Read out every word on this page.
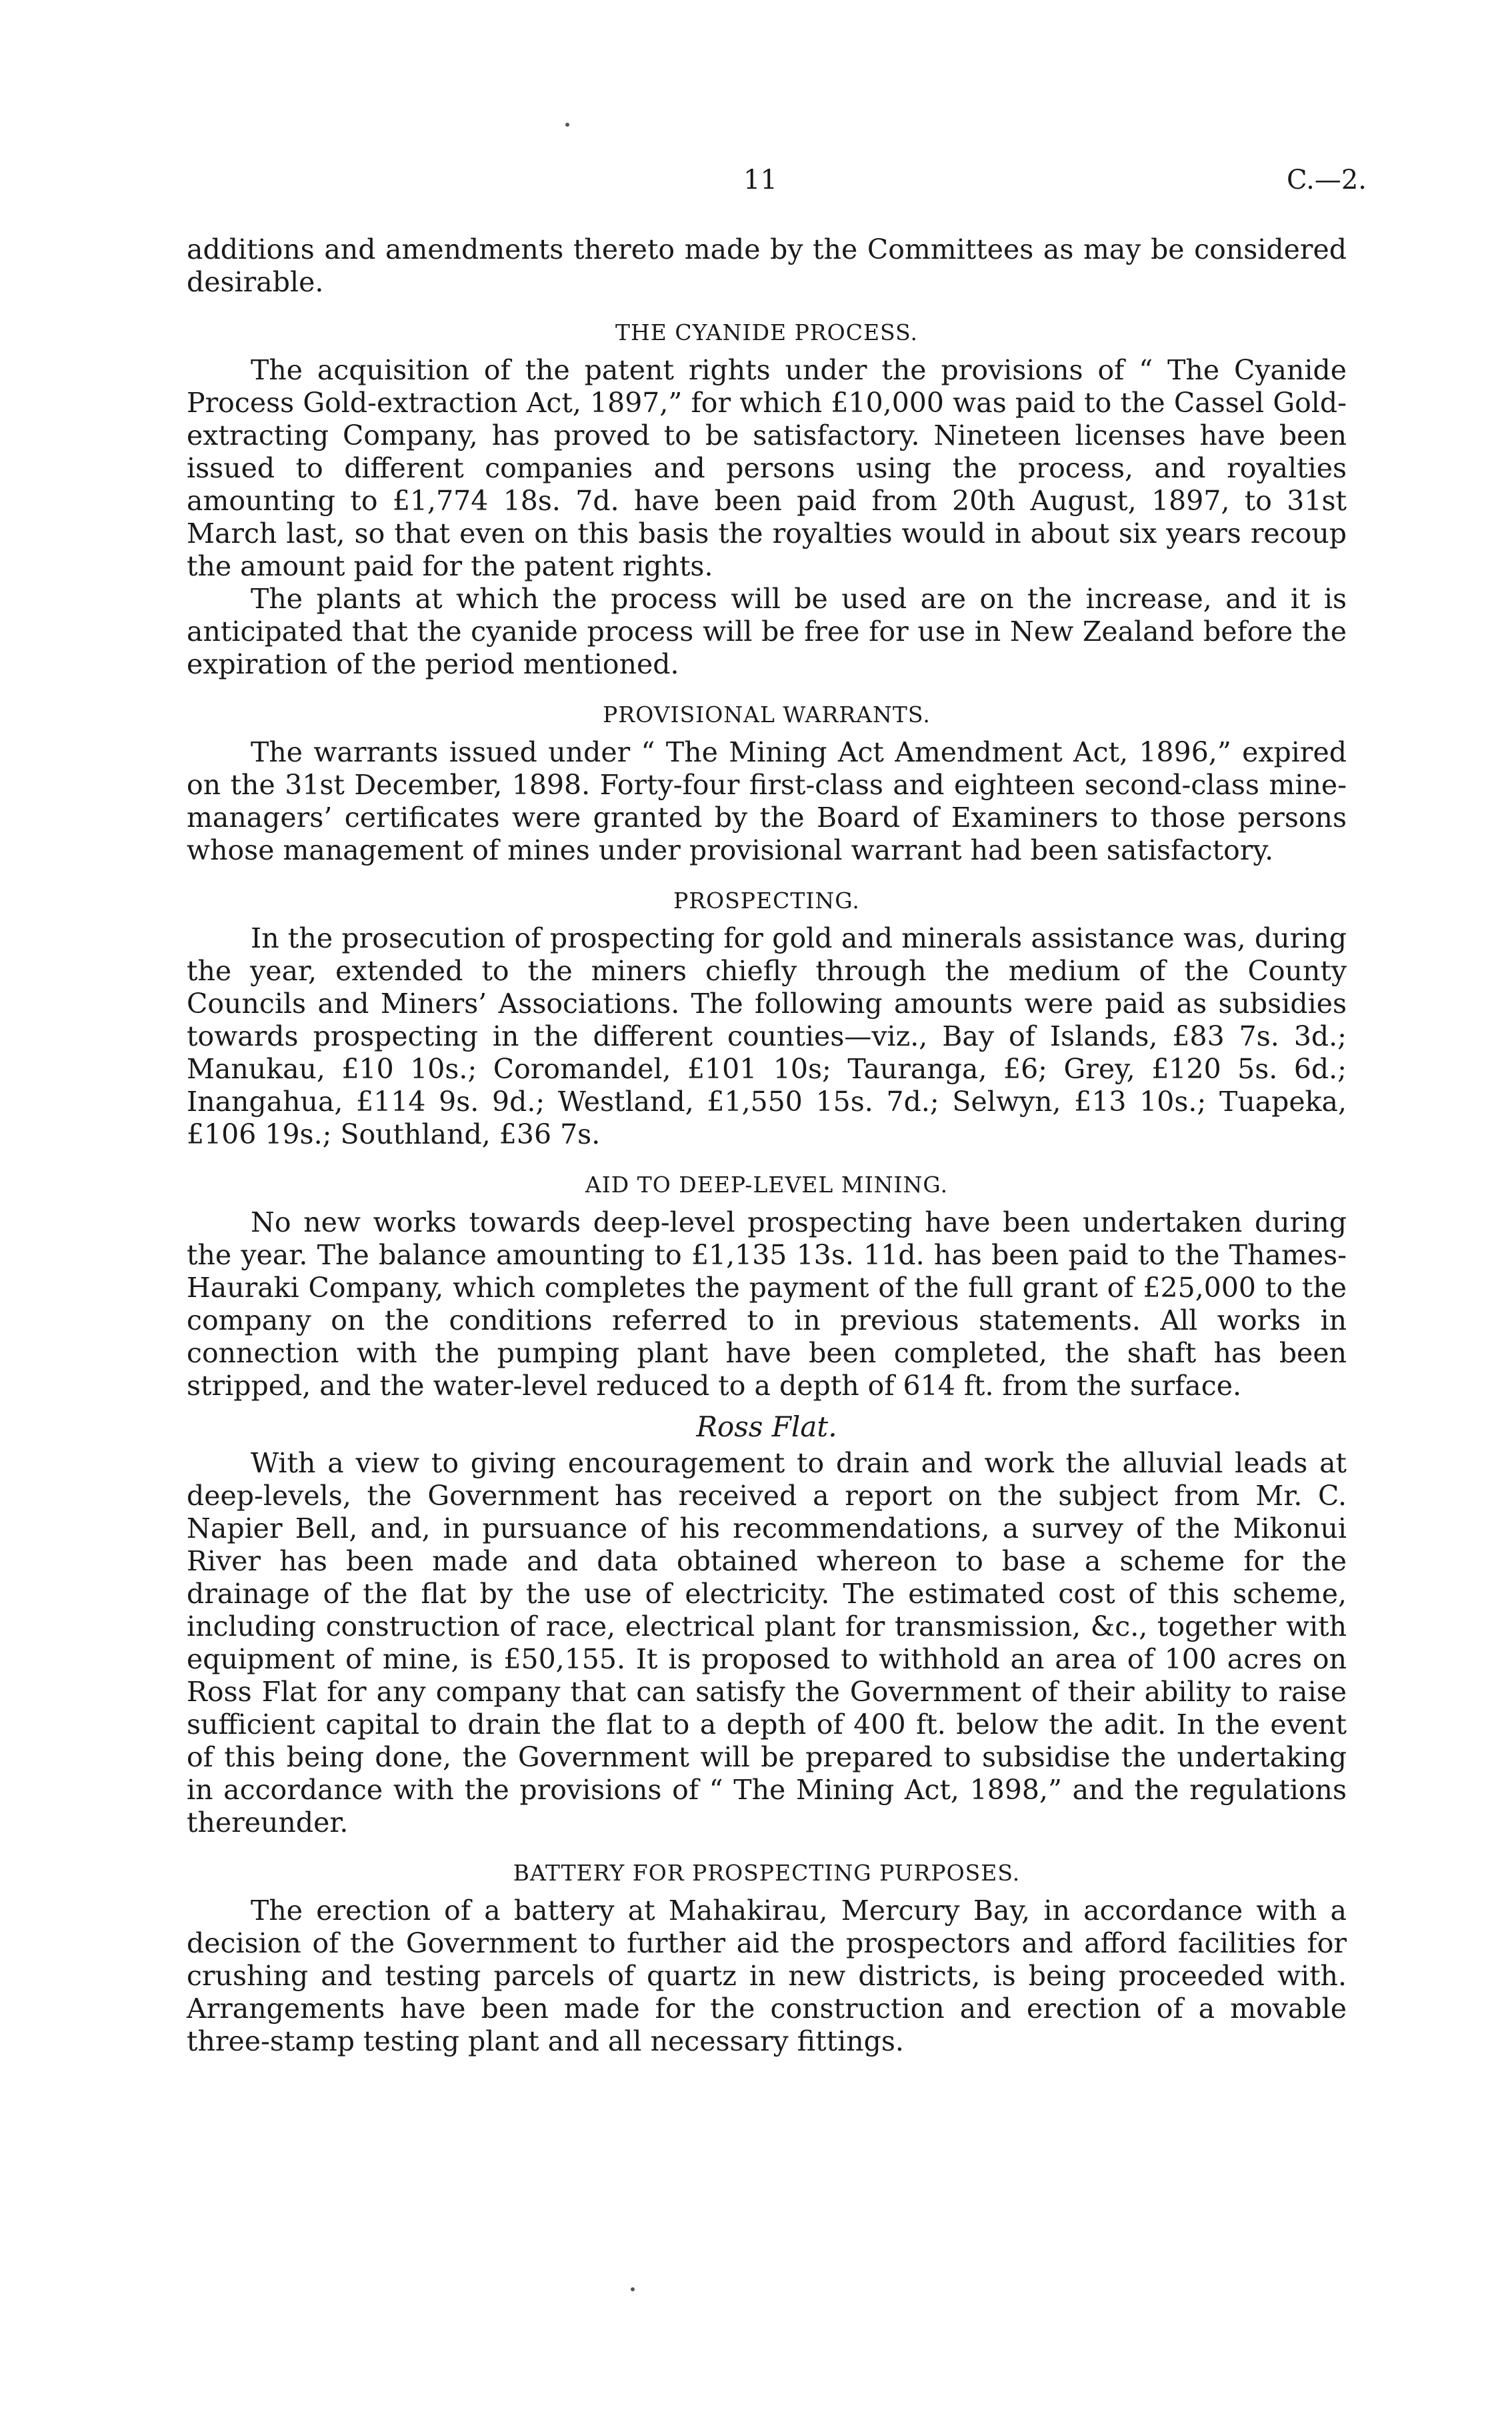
11	C.—2.

additions and amendments thereto made by the Committees as may be considered desirable.

THE CYANIDE PROCESS.

The acquisition of the patent rights under the provisions of “ The Cyanide Process Gold-extraction Act, 1897,” for which £10,000 was paid to the Cassel Gold-extracting Company, has proved to be satisfactory. Nineteen licenses have been issued to different companies and persons using the process, and royalties amounting to £1,774 18s. 7d. have been paid from 20th August, 1897, to 31st March last, so that even on this basis the royalties would in about six years recoup the amount paid for the patent rights.

The plants at which the process will be used are on the increase, and it is anticipated that the cyanide process will be free for use in New Zealand before the expiration of the period mentioned.

PROVISIONAL WARRANTS.

The warrants issued under “ The Mining Act Amendment Act, 1896,” expired on the 31st December, 1898. Forty-four first-class and eighteen second-class mine-managers’ certificates were granted by the Board of Examiners to those persons whose management of mines under provisional warrant had been satisfactory.

PROSPECTING.

In the prosecution of prospecting for gold and minerals assistance was, during the year, extended to the miners chiefly through the medium of the County Councils and Miners’ Associations. The following amounts were paid as subsidies towards prospecting in the different counties—viz., Bay of Islands, £83 7s. 3d.; Manukau, £10 10s.; Coromandel, £101 10s; Tauranga, £6; Grey, £120 5s. 6d.; Inangahua, £114 9s. 9d.; Westland, £1,550 15s. 7d.; Selwyn, £13 10s.; Tuapeka, £106 19s.; Southland, £36 7s.

AID TO DEEP-LEVEL MINING.

No new works towards deep-level prospecting have been undertaken during the year. The balance amounting to £1,135 13s. 11d. has been paid to the Thames-Hauraki Company, which completes the payment of the full grant of £25,000 to the company on the conditions referred to in previous statements. All works in connection with the pumping plant have been completed, the shaft has been stripped, and the water-level reduced to a depth of 614 ft. from the surface.

Ross Flat.

With a view to giving encouragement to drain and work the alluvial leads at deep-levels, the Government has received a report on the subject from Mr. C. Napier Bell, and, in pursuance of his recommendations, a survey of the Mikonui River has been made and data obtained whereon to base a scheme for the drainage of the flat by the use of electricity. The estimated cost of this scheme, including construction of race, electrical plant for transmission, &c., together with equipment of mine, is £50,155. It is proposed to withhold an area of 100 acres on Ross Flat for any company that can satisfy the Government of their ability to raise sufficient capital to drain the flat to a depth of 400 ft. below the adit. In the event of this being done, the Government will be prepared to subsidise the undertaking in accordance with the provisions of “ The Mining Act, 1898,” and the regulations thereunder.

BATTERY FOR PROSPECTING PURPOSES.

The erection of a battery at Mahakirau, Mercury Bay, in accordance with a decision of the Government to further aid the prospectors and afford facilities for crushing and testing parcels of quartz in new districts, is being proceeded with. Arrangements have been made for the construction and erection of a movable three-stamp testing plant and all necessary fittings.
